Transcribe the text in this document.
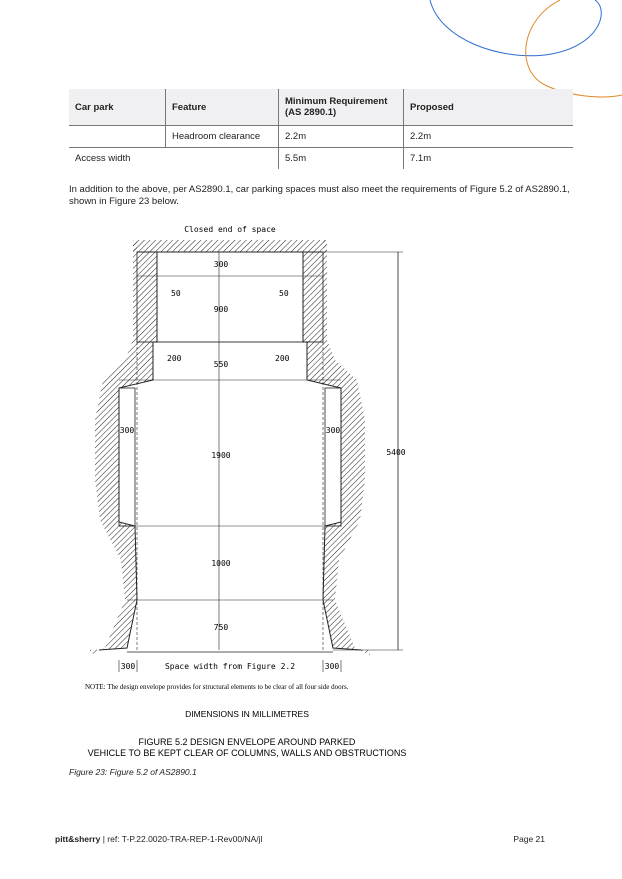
Car park	Feature	Minimum Requirement (AS 2890.1)	Proposed
	Headroom clearance	2.2m	2.2m
Access width		5.5m	7.1m

In addition to the above, per AS2890.1, car parking spaces must also meet the requirements of Figure 5.2 of AS2890.1, shown in Figure 23 below.

Closed end of space
300
50	50
900
200	200
550
300	300
1900	5400
1000
750
300	Space width from Figure 2.2	300
NOTE: The design envelope provides for structural elements to be clear of all four side doors.
DIMENSIONS IN MILLIMETRES
FIGURE 5.2 DESIGN ENVELOPE AROUND PARKED
VEHICLE TO BE KEPT CLEAR OF COLUMNS, WALLS AND OBSTRUCTIONS

Figure 23: Figure 5.2 of AS2890.1

pitt&sherry | ref: T-P.22.0020-TRA-REP-1-Rev00/NA/jl	Page 21
